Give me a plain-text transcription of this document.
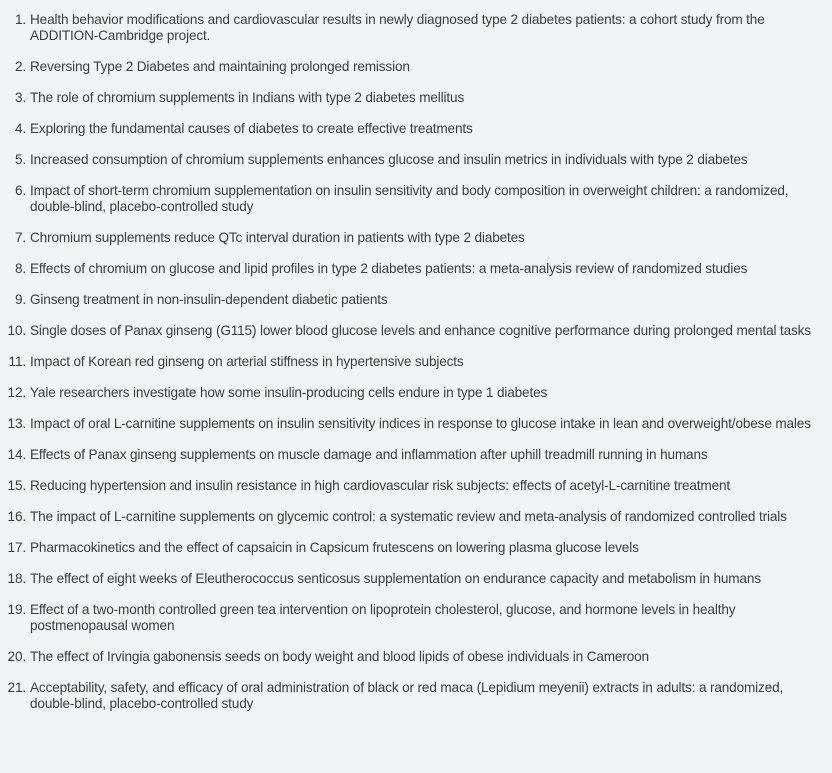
1. Health behavior modifications and cardiovascular results in newly diagnosed type 2 diabetes patients: a cohort study from the ADDITION-Cambridge project.
2. Reversing Type 2 Diabetes and maintaining prolonged remission
3. The role of chromium supplements in Indians with type 2 diabetes mellitus
4. Exploring the fundamental causes of diabetes to create effective treatments
5. Increased consumption of chromium supplements enhances glucose and insulin metrics in individuals with type 2 diabetes
6. Impact of short-term chromium supplementation on insulin sensitivity and body composition in overweight children: a randomized, double-blind, placebo-controlled study
7. Chromium supplements reduce QTc interval duration in patients with type 2 diabetes
8. Effects of chromium on glucose and lipid profiles in type 2 diabetes patients: a meta-analysis review of randomized studies
9. Ginseng treatment in non-insulin-dependent diabetic patients
10. Single doses of Panax ginseng (G115) lower blood glucose levels and enhance cognitive performance during prolonged mental tasks
11. Impact of Korean red ginseng on arterial stiffness in hypertensive subjects
12. Yale researchers investigate how some insulin-producing cells endure in type 1 diabetes
13. Impact of oral L-carnitine supplements on insulin sensitivity indices in response to glucose intake in lean and overweight/obese males
14. Effects of Panax ginseng supplements on muscle damage and inflammation after uphill treadmill running in humans
15. Reducing hypertension and insulin resistance in high cardiovascular risk subjects: effects of acetyl-L-carnitine treatment
16. The impact of L-carnitine supplements on glycemic control: a systematic review and meta-analysis of randomized controlled trials
17. Pharmacokinetics and the effect of capsaicin in Capsicum frutescens on lowering plasma glucose levels
18. The effect of eight weeks of Eleutherococcus senticosus supplementation on endurance capacity and metabolism in humans
19. Effect of a two-month controlled green tea intervention on lipoprotein cholesterol, glucose, and hormone levels in healthy postmenopausal women
20. The effect of Irvingia gabonensis seeds on body weight and blood lipids of obese individuals in Cameroon
21. Acceptability, safety, and efficacy of oral administration of black or red maca (Lepidium meyenii) extracts in adults: a randomized, double-blind, placebo-controlled study
